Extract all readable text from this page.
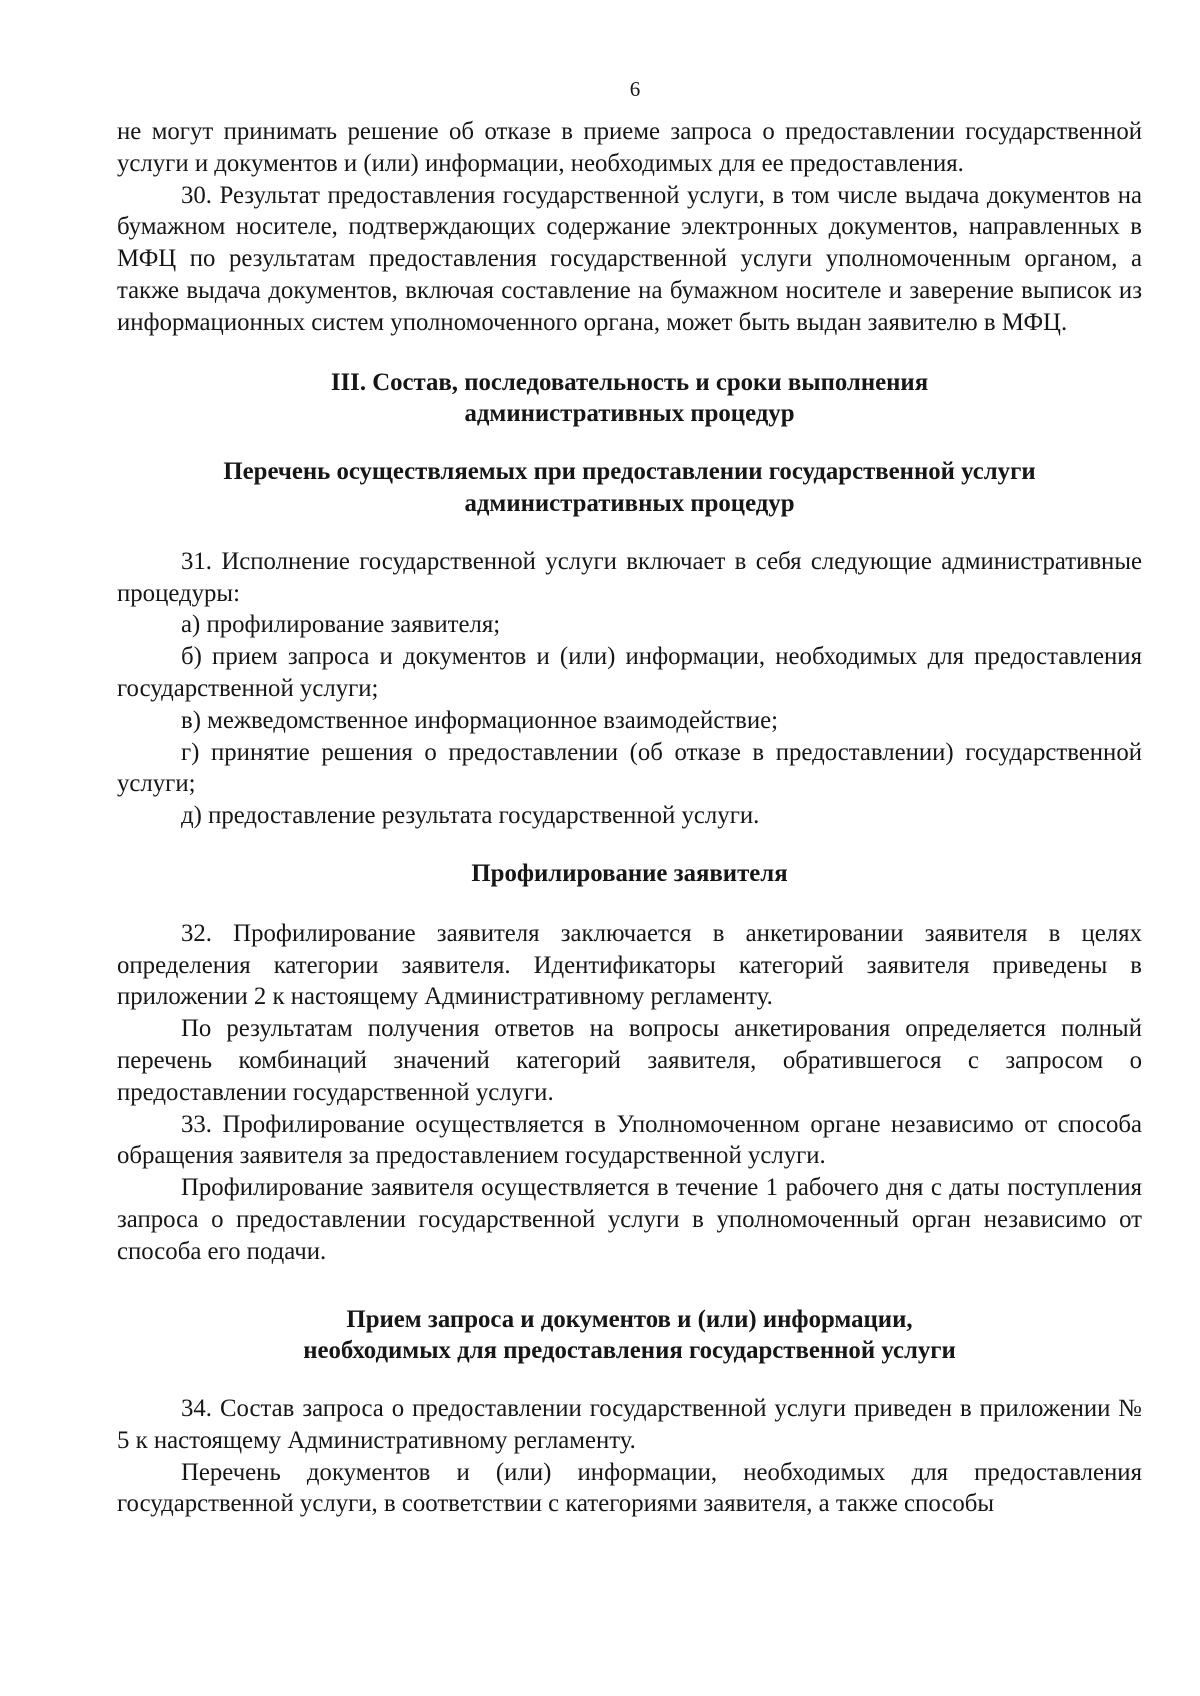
6

не могут принимать решение об отказе в приеме запроса о предоставлении государственной услуги и документов и (или) информации, необходимых для ее предоставления.

30. Результат предоставления государственной услуги, в том числе выдача документов на бумажном носителе, подтверждающих содержание электронных документов, направленных в МФЦ по результатам предоставления государственной услуги уполномоченным органом, а также выдача документов, включая составление на бумажном носителе и заверение выписок из информационных систем уполномоченного органа, может быть выдан заявителю в МФЦ.

III. Состав, последовательность и сроки выполнения

административных процедур

Перечень осуществляемых при предоставлении государственной услуги

административных процедур

31. Исполнение государственной услуги включает в себя следующие административные процедуры:

а) профилирование заявителя;

б) прием запроса и документов и (или) информации, необходимых для предоставления государственной услуги;

в) межведомственное информационное взаимодействие;

г) принятие решения о предоставлении (об отказе в предоставлении) государственной услуги;

д) предоставление результата государственной услуги.

Профилирование заявителя

32. Профилирование заявителя заключается в анкетировании заявителя в целях определения категории заявителя. Идентификаторы категорий заявителя приведены в приложении 2 к настоящему Административному регламенту.

По результатам получения ответов на вопросы анкетирования определяется полный перечень комбинаций значений категорий заявителя, обратившегося с запросом о предоставлении государственной услуги.

33. Профилирование осуществляется в Уполномоченном органе независимо от способа обращения заявителя за предоставлением государственной услуги.

Профилирование заявителя осуществляется в течение 1 рабочего дня с даты поступления запроса о предоставлении государственной услуги в уполномоченный орган независимо от способа его подачи.

Прием запроса и документов и (или) информации,

необходимых для предоставления государственной услуги

34. Состав запроса о предоставлении государственной услуги приведен в приложении № 5 к настоящему Административному регламенту.

Перечень документов и (или) информации, необходимых для предоставления государственной услуги, в соответствии с категориями заявителя, а также способы
